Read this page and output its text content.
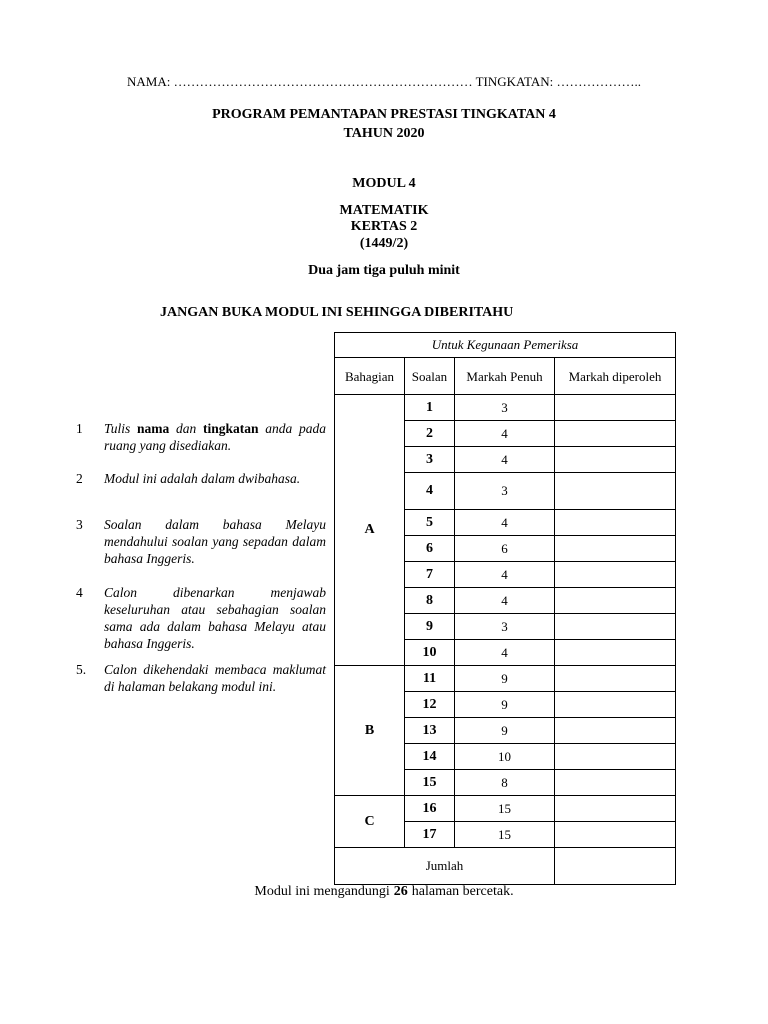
NAMA: …………………………………………………………… TINGKATAN: ………………..
PROGRAM PEMANTAPAN PRESTASI TINGKATAN 4
TAHUN 2020
MODUL 4
MATEMATIK
KERTAS 2
(1449/2)
Dua jam tiga puluh minit
JANGAN BUKA MODUL INI SEHINGGA DIBERITAHU
1 Tulis nama dan tingkatan anda pada ruang yang disediakan.
2 Modul ini adalah dalam dwibahasa.
3 Soalan dalam bahasa Melayu mendahului soalan yang sepadan dalam bahasa Inggeris.
4 Calon dibenarkan menjawab keseluruhan atau sebahagian soalan sama ada dalam bahasa Melayu atau bahasa Inggeris.
5. Calon dikehendaki membaca maklumat di halaman belakang modul ini.
Untuk Kegunaan Pemeriksa			
Bahagian	Soalan	Markah Penuh	Markah diperoleh
A	1	3	
	2	4	
	3	4	
	4	3	
	5	4	
	6	6	
	7	4	
	8	4	
	9	3	
	10	4	
B	11	9	
	12	9	
	13	9	
	14	10	
	15	8	
C	16	15	
	17	15	
Jumlah			
Modul ini mengandungi 26 halaman bercetak.
